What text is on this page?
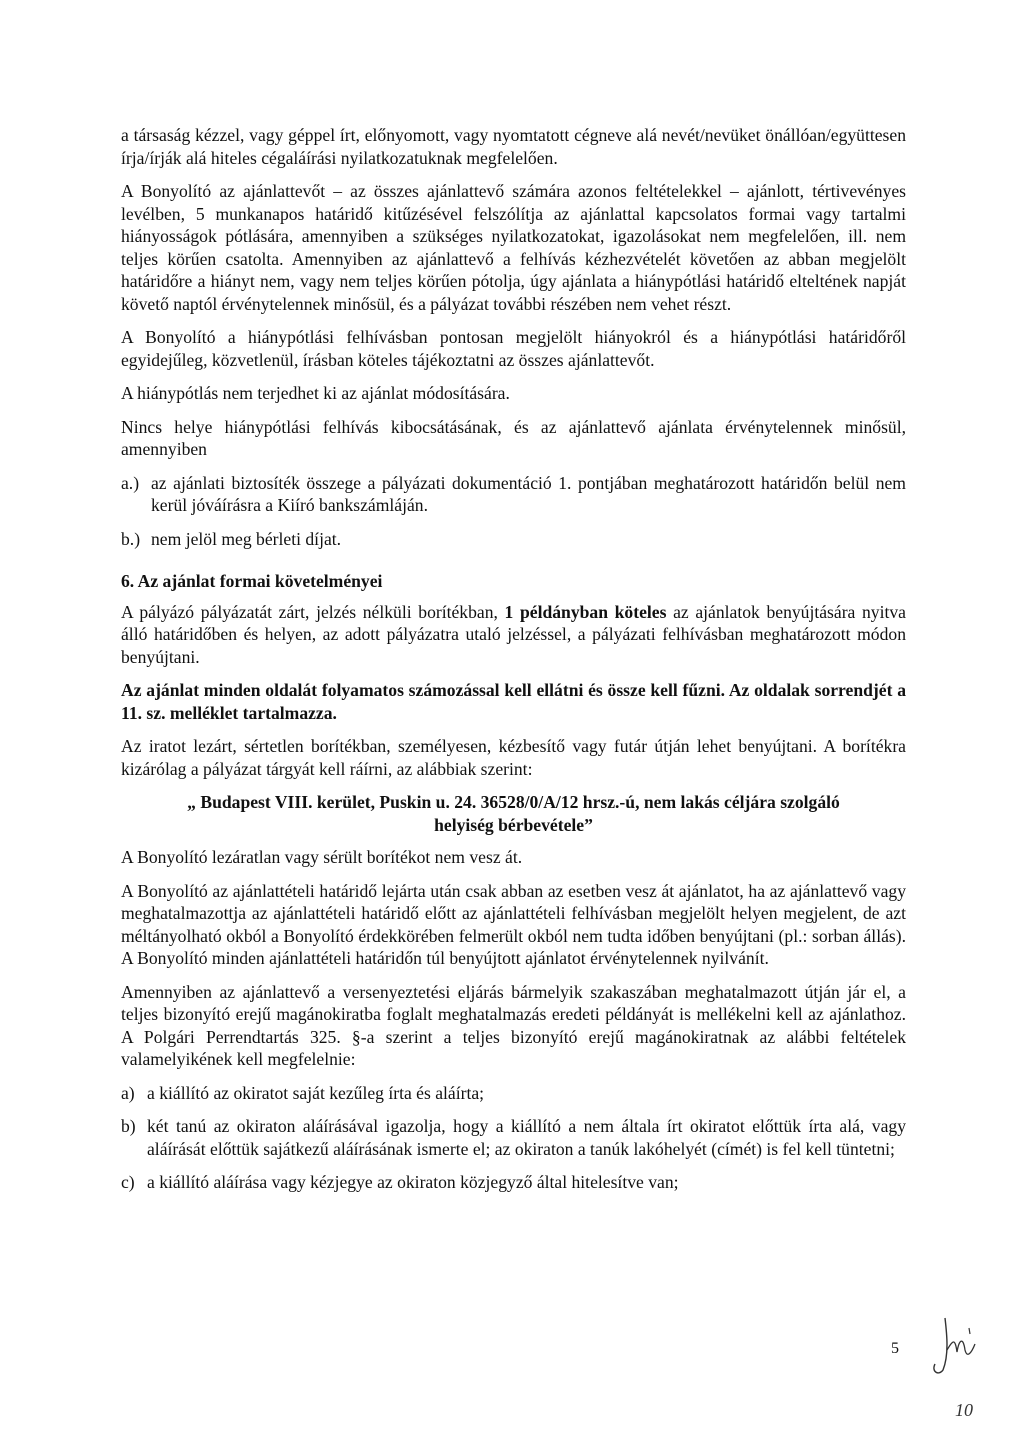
a társaság kézzel, vagy géppel írt, előnyomott, vagy nyomtatott cégneve alá nevét/nevüket önállóan/együttesen írja/írják alá hiteles cégaláírási nyilatkozatuknak megfelelően.

A Bonyolító az ajánlattevőt – az összes ajánlattevő számára azonos feltételekkel – ajánlott, tértivevényes levélben, 5 munkanapos határidő kitűzésével felszólítja az ajánlattal kapcsolatos formai vagy tartalmi hiányosságok pótlására, amennyiben a szükséges nyilatkozatokat, igazolásokat nem megfelelően, ill. nem teljes körűen csatolta. Amennyiben az ajánlattevő a felhívás kézhezvételét követően az abban megjelölt határidőre a hiányt nem, vagy nem teljes körűen pótolja, úgy ajánlata a hiánypótlási határidő elteltének napját követő naptól érvénytelennek minősül, és a pályázat további részében nem vehet részt.

A Bonyolító a hiánypótlási felhívásban pontosan megjelölt hiányokról és a hiánypótlási határidőről egyidejűleg, közvetlenül, írásban köteles tájékoztatni az összes ajánlattevőt.

A hiánypótlás nem terjedhet ki az ajánlat módosítására.

Nincs helye hiánypótlási felhívás kibocsátásának, és az ajánlattevő ajánlata érvénytelennek minősül, amennyiben

a.) az ajánlati biztosíték összege a pályázati dokumentáció 1. pontjában meghatározott határidőn belül nem kerül jóváírásra a Kiíró bankszámláján.
b.) nem jelöl meg bérleti díjat.

6. Az ajánlat formai követelményei

A pályázó pályázatát zárt, jelzés nélküli borítékban, 1 példányban köteles az ajánlatok benyújtására nyitva álló határidőben és helyen, az adott pályázatra utaló jelzéssel, a pályázati felhívásban meghatározott módon benyújtani.

Az ajánlat minden oldalát folyamatos számozással kell ellátni és össze kell fűzni. Az oldalak sorrendjét a 11. sz. melléklet tartalmazza.

Az iratot lezárt, sértetlen borítékban, személyesen, kézbesítő vagy futár útján lehet benyújtani. A borítékra kizárólag a pályázat tárgyát kell ráírni, az alábbiak szerint:

„ Budapest VIII. kerület, Puskin u. 24. 36528/0/A/12 hrsz.-ú, nem lakás céljára szolgáló
helyiség bérbevétele”

A Bonyolító lezáratlan vagy sérült borítékot nem vesz át.

A Bonyolító az ajánlattételi határidő lejárta után csak abban az esetben vesz át ajánlatot, ha az ajánlattevő vagy meghatalmazottja az ajánlattételi határidő előtt az ajánlattételi felhívásban megjelölt helyen megjelent, de azt méltányolható okból a Bonyolító érdekkörében felmerült okból nem tudta időben benyújtani (pl.: sorban állás). A Bonyolító minden ajánlattételi határidőn túl benyújtott ajánlatot érvénytelennek nyilvánít.

Amennyiben az ajánlattevő a versenyeztetési eljárás bármelyik szakaszában meghatalmazott útján jár el, a teljes bizonyító erejű magánokiratba foglalt meghatalmazás eredeti példányát is mellékelni kell az ajánlathoz. A Polgári Perrendtartás 325. §-a szerint a teljes bizonyító erejű magánokiratnak az alábbi feltételek valamelyikének kell megfelelnie:

a) a kiállító az okiratot saját kezűleg írta és aláírta;
b) két tanú az okiraton aláírásával igazolja, hogy a kiállító a nem általa írt okiratot előttük írta alá, vagy aláírását előttük sajátkezű aláírásának ismerte el; az okiraton a tanúk lakóhelyét (címét) is fel kell tüntetni;
c) a kiállító aláírása vagy kézjegye az okiraton közjegyző által hitelesítve van;
5
10
